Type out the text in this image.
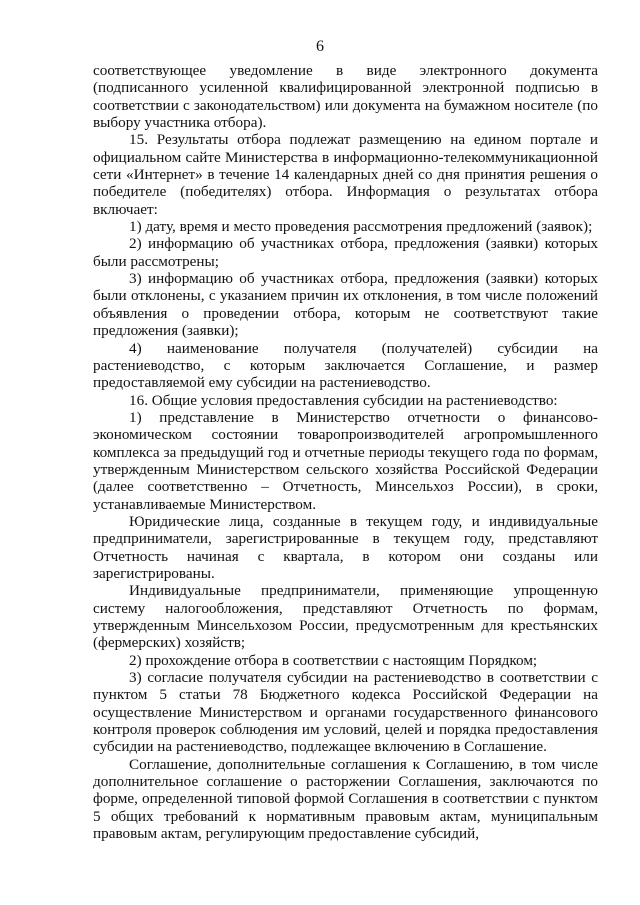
6

соответствующее уведомление в виде электронного документа (подписанного усиленной квалифицированной электронной подписью в соответствии с законодательством) или документа на бумажном носителе (по выбору участника отбора).

15. Результаты отбора подлежат размещению на едином портале и официальном сайте Министерства в информационно-телекоммуникационной сети «Интернет» в течение 14 календарных дней со дня принятия решения о победителе (победителях) отбора. Информация о результатах отбора включает:

1) дату, время и место проведения рассмотрения предложений (заявок);

2) информацию об участниках отбора, предложения (заявки) которых были рассмотрены;

3) информацию об участниках отбора, предложения (заявки) которых были отклонены, с указанием причин их отклонения, в том числе положений объявления о проведении отбора, которым не соответствуют такие предложения (заявки);

4) наименование получателя (получателей) субсидии на растениеводство, с которым заключается Соглашение, и размер предоставляемой ему субсидии на растениеводство.

16. Общие условия предоставления субсидии на растениеводство:

1) представление в Министерство отчетности о финансово-экономическом состоянии товаропроизводителей агропромышленного комплекса за предыдущий год и отчетные периоды текущего года по формам, утвержденным Министерством сельского хозяйства Российской Федерации (далее соответственно – Отчетность, Минсельхоз России), в сроки, устанавливаемые Министерством.

Юридические лица, созданные в текущем году, и индивидуальные предприниматели, зарегистрированные в текущем году, представляют Отчетность начиная с квартала, в котором они созданы или зарегистрированы.

Индивидуальные предприниматели, применяющие упрощенную систему налогообложения, представляют Отчетность по формам, утвержденным Минсельхозом России, предусмотренным для крестьянских (фермерских) хозяйств;

2) прохождение отбора в соответствии с настоящим Порядком;

3) согласие получателя субсидии на растениеводство в соответствии с пунктом 5 статьи 78 Бюджетного кодекса Российской Федерации на осуществление Министерством и органами государственного финансового контроля проверок соблюдения им условий, целей и порядка предоставления субсидии на растениеводство, подлежащее включению в Соглашение.

Соглашение, дополнительные соглашения к Соглашению, в том числе дополнительное соглашение о расторжении Соглашения, заключаются по форме, определенной типовой формой Соглашения в соответствии с пунктом 5 общих требований к нормативным правовым актам, муниципальным правовым актам, регулирующим предоставление субсидий,
